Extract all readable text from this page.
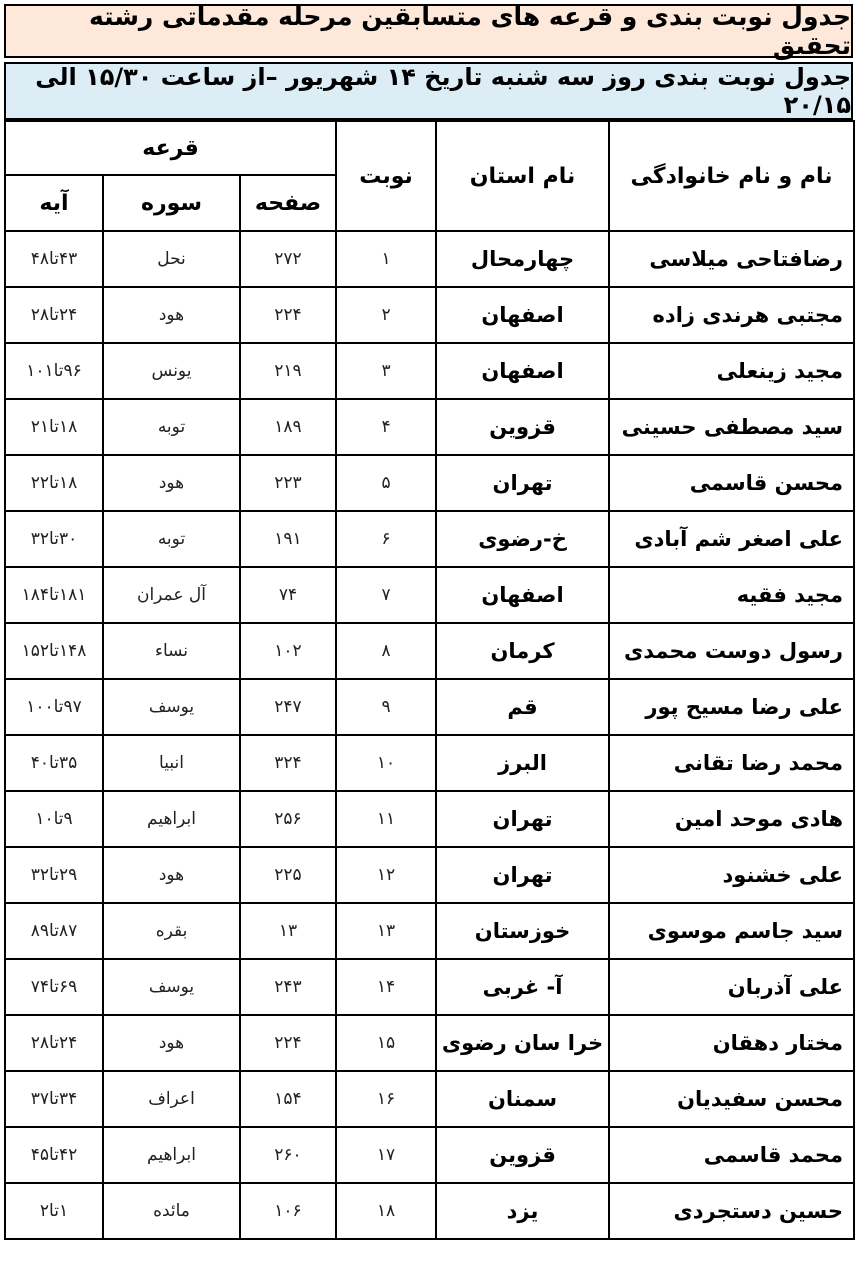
جدول نوبت بندی و قرعه های متسابقین مرحله مقدماتی رشته تحقیق
جدول نوبت بندی روز سه شنبه تاریخ ۱۴ شهریور –از ساعت ۱۵/۳۰ الی ۲۰/۱۵
قرعه			نوبت	نام استان	نام و نام خانوادگی
آیه	سوره	صفحه			
۴۳تا۴۸	نحل	۲۷۲	۱	چهارمحال	رضافتاحی میلاسی
۲۴تا۲۸	هود	۲۲۴	۲	اصفهان	مجتبی هرندی زاده
۹۶تا۱۰۱	یونس	۲۱۹	۳	اصفهان	مجید زینعلی
۱۸تا۲۱	توبه	۱۸۹	۴	قزوین	سید مصطفی حسینی
۱۸تا۲۲	هود	۲۲۳	۵	تهران	محسن قاسمی
۳۰تا۳۲	توبه	۱۹۱	۶	خ-رضوی	علی اصغر شم آبادی
۱۸۱تا۱۸۴	آل عمران	۷۴	۷	اصفهان	مجید فقیه
۱۴۸تا۱۵۲	نساء	۱۰۲	۸	کرمان	رسول دوست محمدی
۹۷تا۱۰۰	یوسف	۲۴۷	۹	قم	علی رضا مسیح پور
۳۵تا۴۰	انبیا	۳۲۴	۱۰	البرز	محمد رضا تقانی
۹تا۱۰	ابراهیم	۲۵۶	۱۱	تهران	هادی موحد امین
۲۹تا۳۲	هود	۲۲۵	۱۲	تهران	علی خشنود
۸۷تا۸۹	بقره	۱۳	۱۳	خوزستان	سید جاسم موسوی
۶۹تا۷۴	یوسف	۲۴۳	۱۴	آ- غربی	علی آذربان
۲۴تا۲۸	هود	۲۲۴	۱۵	خرا سان رضوی	مختار دهقان
۳۴تا۳۷	اعراف	۱۵۴	۱۶	سمنان	محسن سفیدیان
۴۲تا۴۵	ابراهیم	۲۶۰	۱۷	قزوین	محمد قاسمی
۱تا۲	مائده	۱۰۶	۱۸	یزد	حسین دستجردی
